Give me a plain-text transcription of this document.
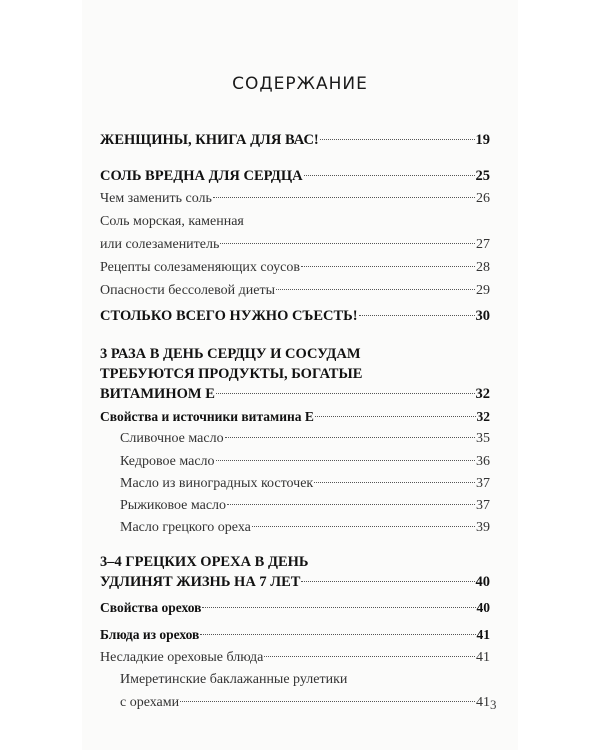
СОДЕРЖАНИЕ
ЖЕНЩИНЫ, КНИГА ДЛЯ ВАС!	19
СОЛЬ ВРЕДНА ДЛЯ СЕРДЦА	25
Чем заменить соль	26
Соль морская, каменная
или солезаменитель	27
Рецепты солезаменяющих соусов	28
Опасности бессолевой диеты	29
СТОЛЬКО ВСЕГО НУЖНО СЪЕСТЬ!	30
3 РАЗА В ДЕНЬ СЕРДЦУ И СОСУДАМ
ТРЕБУЮТСЯ ПРОДУКТЫ, БОГАТЫЕ
ВИТАМИНОМ Е	32
Свойства и источники витамина Е	32
Сливочное масло	35
Кедровое масло	36
Масло из виноградных косточек	37
Рыжиковое масло	37
Масло грецкого ореха	39
3–4 ГРЕЦКИХ ОРЕХА В ДЕНЬ
УДЛИНЯТ ЖИЗНЬ НА 7 ЛЕТ	40
Свойства орехов	40
Блюда из орехов	41
Несладкие ореховые блюда	41
Имеретинские баклажанные рулетики
с орехами	41 3
